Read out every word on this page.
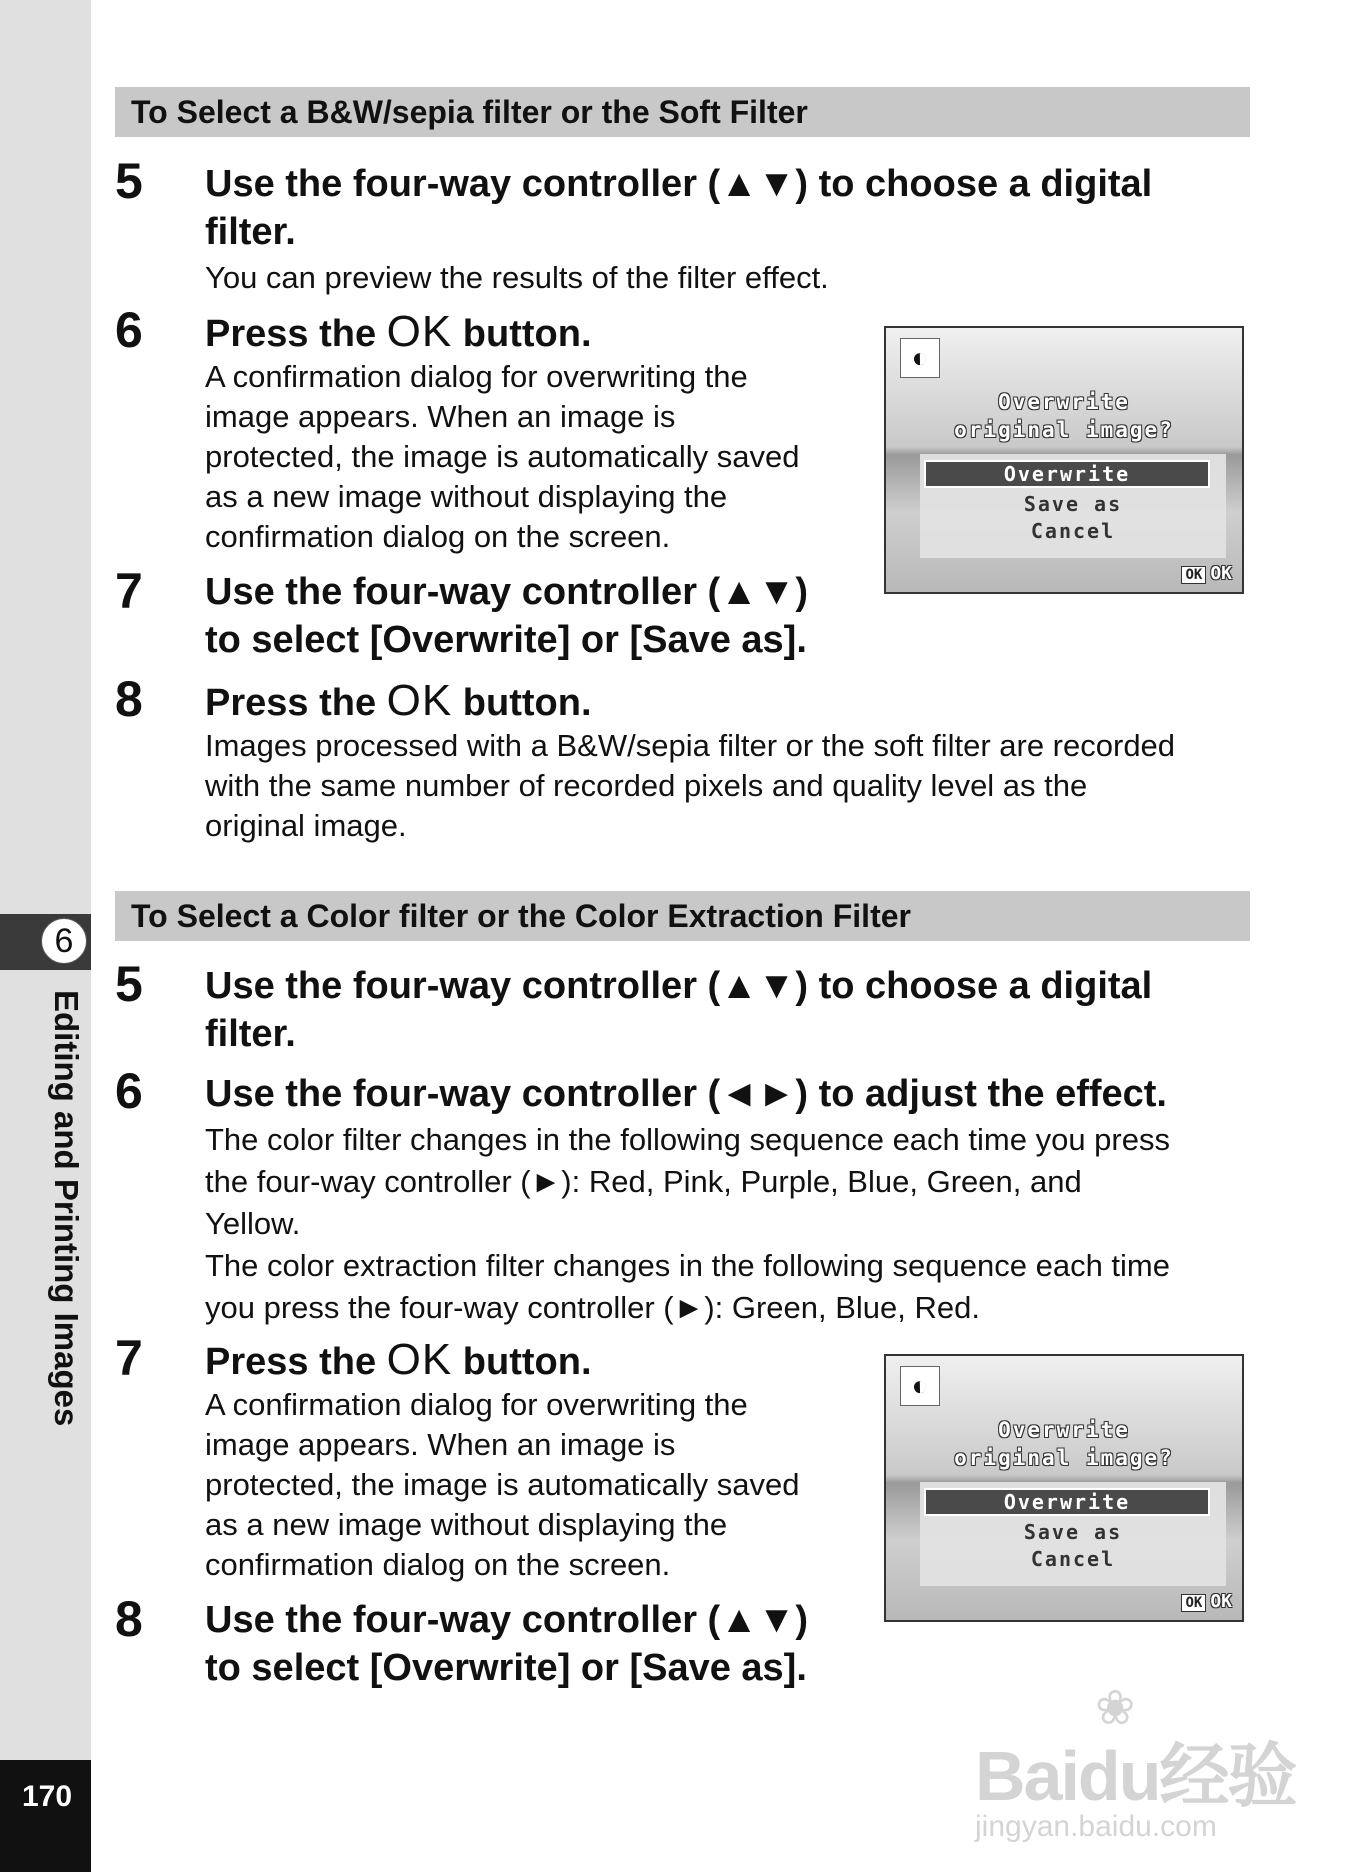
6
Editing and Printing Images
170
To Select a B&W/sepia filter or the Soft Filter
5 Use the four-way controller (▲▼) to choose a digital
filter.
You can preview the results of the filter effect.
6 Press the OK button.
A confirmation dialog for overwriting the
image appears. When an image is
protected, the image is automatically saved
as a new image without displaying the
confirmation dialog on the screen.
◐
Overwrite
original image?
Overwrite
Save as
Cancel
OK OK
7 Use the four-way controller (▲▼)
to select [Overwrite] or [Save as].
8 Press the OK button.
Images processed with a B&W/sepia filter or the soft filter are recorded
with the same number of recorded pixels and quality level as the
original image.
To Select a Color filter or the Color Extraction Filter
5 Use the four-way controller (▲▼) to choose a digital
filter.
6 Use the four-way controller (◄►) to adjust the effect.
The color filter changes in the following sequence each time you press
the four-way controller (►): Red, Pink, Purple, Blue, Green, and
Yellow.
The color extraction filter changes in the following sequence each time
you press the four-way controller (►): Green, Blue, Red.
7 Press the OK button.
A confirmation dialog for overwriting the
image appears. When an image is
protected, the image is automatically saved
as a new image without displaying the
confirmation dialog on the screen.
◐
Overwrite
original image?
Overwrite
Save as
Cancel
OK OK
8 Use the four-way controller (▲▼)
to select [Overwrite] or [Save as].
❀
Baidu经验
jingyan.baidu.com
